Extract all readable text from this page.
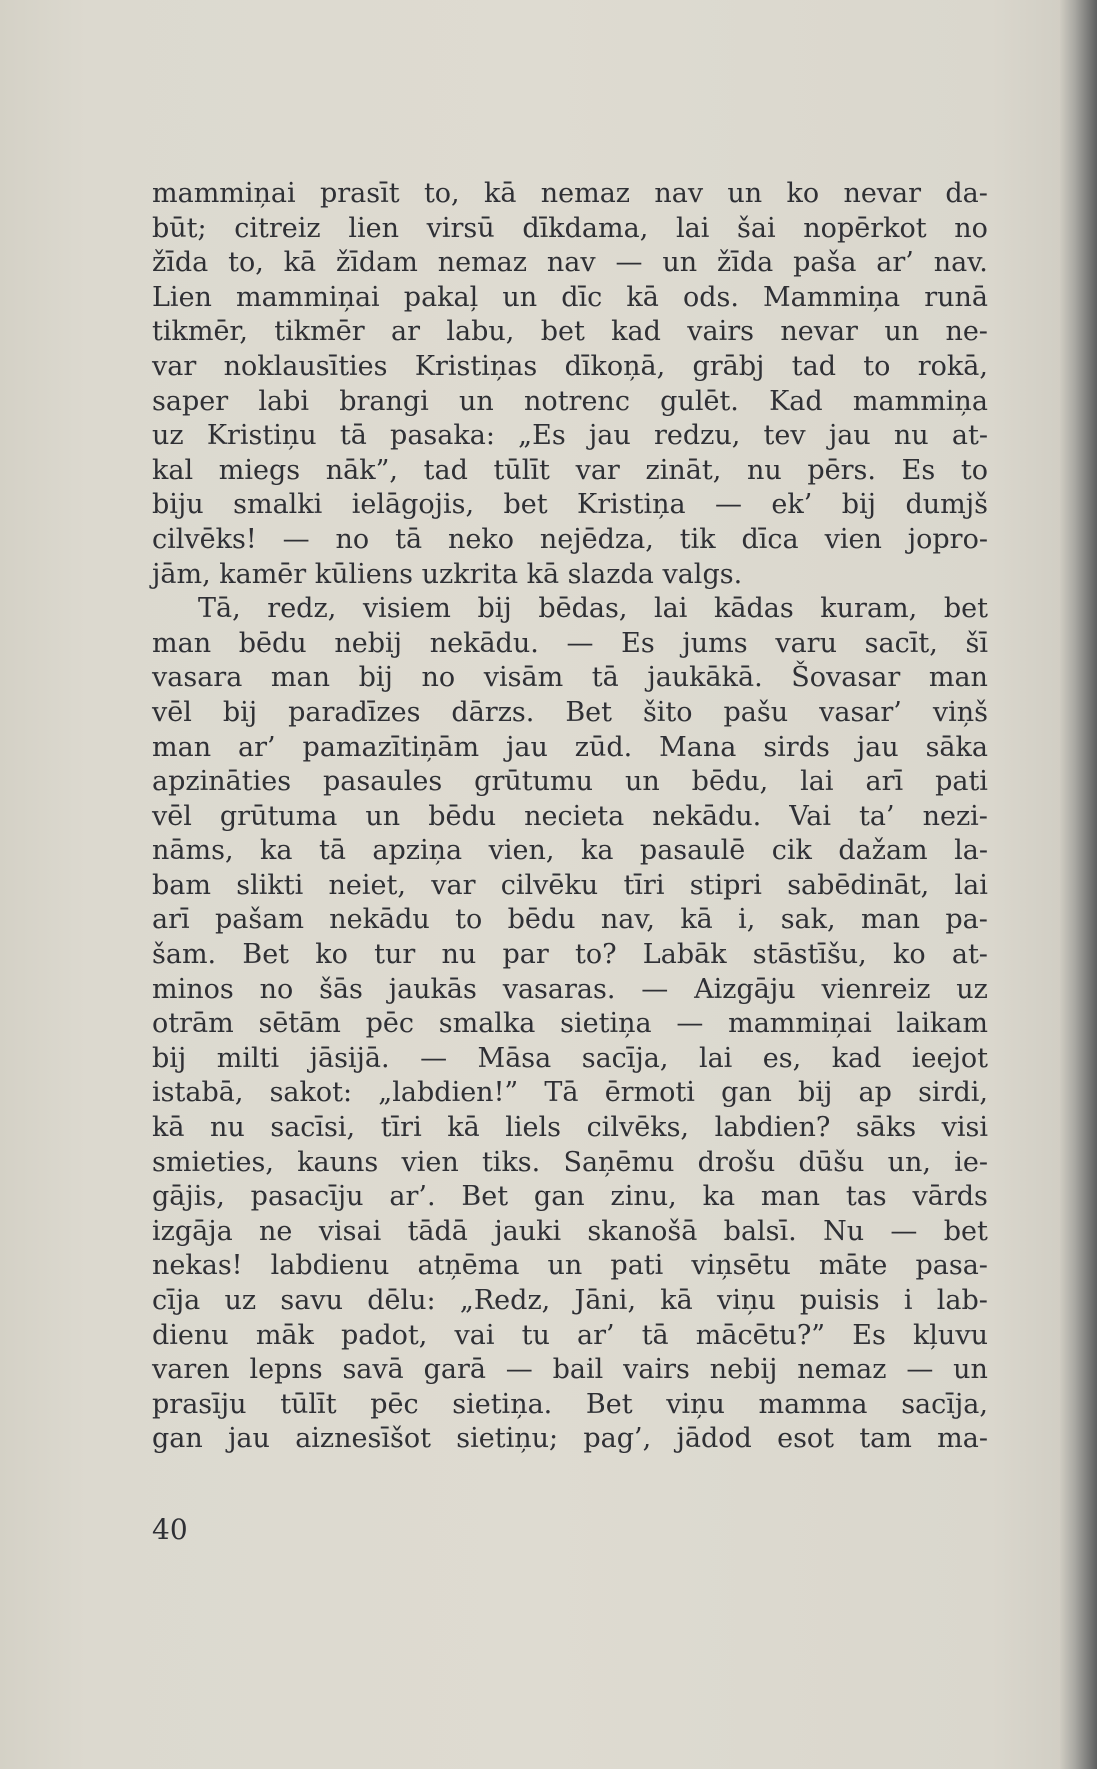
mammiņai prasīt to, kā nemaz nav un ko nevar da-
būt; citreiz lien virsū dīkdama, lai šai nopērkot no
žīda to, kā žīdam nemaz nav — un žīda paša ar’ nav.
Lien mammiņai pakaļ un dīc kā ods. Mammiņa runā
tikmēr, tikmēr ar labu, bet kad vairs nevar un ne-
var noklausīties Kristiņas dīkoņā, grābj tad to rokā,
saper labi brangi un notrenc gulēt. Kad mammiņa
uz Kristiņu tā pasaka: „Es jau redzu, tev jau nu at-
kal miegs nāk”, tad tūlīt var zināt, nu pērs. Es to
biju smalki ielāgojis, bet Kristiņa — ek’ bij dumjš
cilvēks! — no tā neko nejēdza, tik dīca vien jopro-
jām, kamēr kūliens uzkrita kā slazda valgs.
Tā, redz, visiem bij bēdas, lai kādas kuram, bet
man bēdu nebij nekādu. — Es jums varu sacīt, šī
vasara man bij no visām tā jaukākā. Šovasar man
vēl bij paradīzes dārzs. Bet šito pašu vasar’ viņš
man ar’ pamazītiņām jau zūd. Mana sirds jau sāka
apzināties pasaules grūtumu un bēdu, lai arī pati
vēl grūtuma un bēdu necieta nekādu. Vai ta’ nezi-
nāms, ka tā apziņa vien, ka pasaulē cik dažam la-
bam slikti neiet, var cilvēku tīri stipri sabēdināt, lai
arī pašam nekādu to bēdu nav, kā i, sak, man pa-
šam. Bet ko tur nu par to? Labāk stāstīšu, ko at-
minos no šās jaukās vasaras. — Aizgāju vienreiz uz
otrām sētām pēc smalka sietiņa — mammiņai laikam
bij milti jāsijā. — Māsa sacīja, lai es, kad ieejot
istabā, sakot: „labdien!” Tā ērmoti gan bij ap sirdi,
kā nu sacīsi, tīri kā liels cilvēks, labdien? sāks visi
smieties, kauns vien tiks. Saņēmu drošu dūšu un, ie-
gājis, pasacīju ar’. Bet gan zinu, ka man tas vārds
izgāja ne visai tādā jauki skanošā balsī. Nu — bet
nekas! labdienu atņēma un pati viņsētu māte pasa-
cīja uz savu dēlu: „Redz, Jāni, kā viņu puisis i lab-
dienu māk padot, vai tu ar’ tā mācētu?” Es kļuvu
varen lepns savā garā — bail vairs nebij nemaz — un
prasīju tūlīt pēc sietiņa. Bet viņu mamma sacīja,
gan jau aiznesīšot sietiņu; pag’, jādod esot tam ma-
40
